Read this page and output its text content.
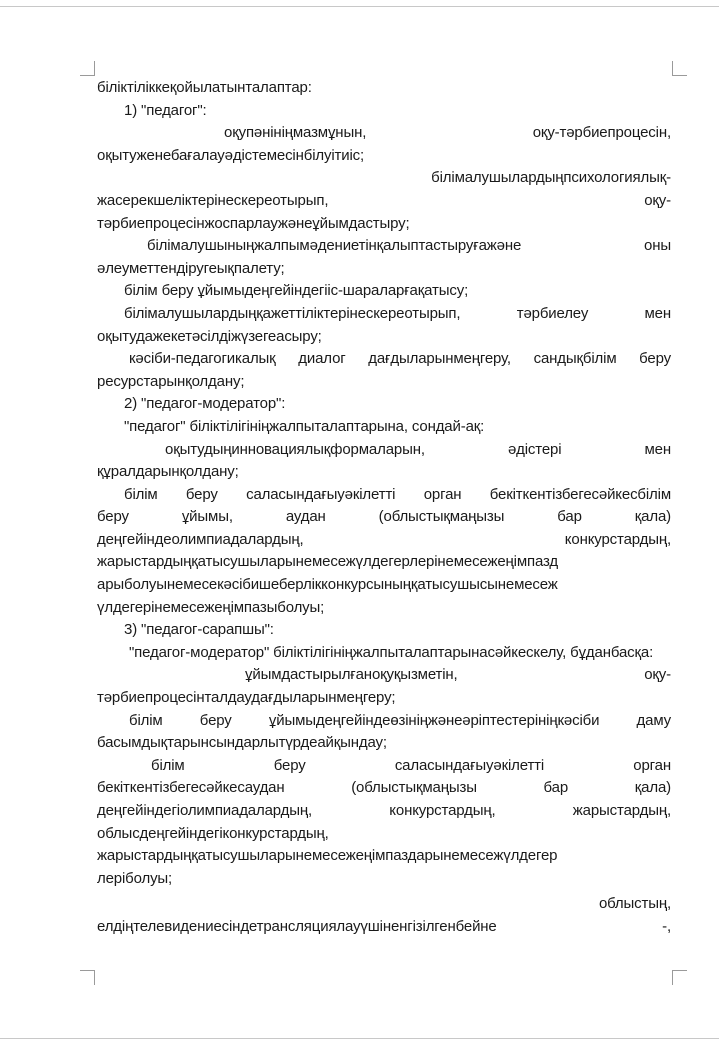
біліктіліккеқойылатынталаптар:

1) "педагог":

оқупәнініңмазмұнын,	оқу-тәрбиепроцесін,

оқытуженебағалауәдістемесінбілуітиіс;

білімалушылардыңпсихологиялық-

жасерекшеліктерінескереотырып,	оқу-

тәрбиепроцесінжоспарлаужәнеұйымдастыру;

білімалушыныңжалпымәдениетінқалыптастыруғажәне	оны

әлеуметтендіругеықпалету;

білім беру ұйымыдеңгейіндегіiс-шараларғақатысу;

білімалушылардыңқажеттіліктерінескереотырып, тәрбиелеу мен оқытудажекетәсілдіжүзегеасыру;

кәсіби-педагогикалық диалог дағдыларынмеңгеру, сандықбілім беру ресурстарынқолдану;

2) "педагог-модератор":

"педагог" біліктілігініңжалпыталаптарына, сондай-ақ:

оқытудыңинновациялықформаларын,	әдістері	мен

құралдарынқолдану;

білім беру саласындағыуәкiлеттi орган бекіткентізбегесәйкесбілім

беру ұйымы, аудан (облыстықмаңызы бар қала)

деңгейіндеолимпиадалардың, конкурстардың,

жарыстардыңқатысушыларынемесежүлдегерлерінемесежеңімпазд

арыболуынемесекәсібишеберлікконкурсыныңқатысушысынемесеж

үлдегерінемесежеңімпазыболуы;

3) "педагог-сарапшы":

"педагог-модератор" біліктілігініңжалпыталаптарынасәйкескелу, бұданбасқа:

ұйымдастырылғаноқуқызметін,	оқу-

тәрбиепроцесінталдаудағдыларынмеңгеру;

білім беру ұйымыдеңгейіндеөзініңжәнеәріптестерініңкәсіби даму басымдықтарынсындарлытүрдеайқындау;

білім беру саласындағыуәкілетті орган

бекіткентізбегесәйкесаудан (облыстықмаңызы бар қала)

деңгейіндегіолимпиадалардың, конкурстардың, жарыстардың,

облысдеңгейіндегіконкурстардың,

жарыстардыңқатысушыларынемесежеңімпаздарынемесежүлдегер

леріболуы;

облыстың,

елдіңтелевидениесіндетрансляциялауүшіненгізілгенбейне	-,
